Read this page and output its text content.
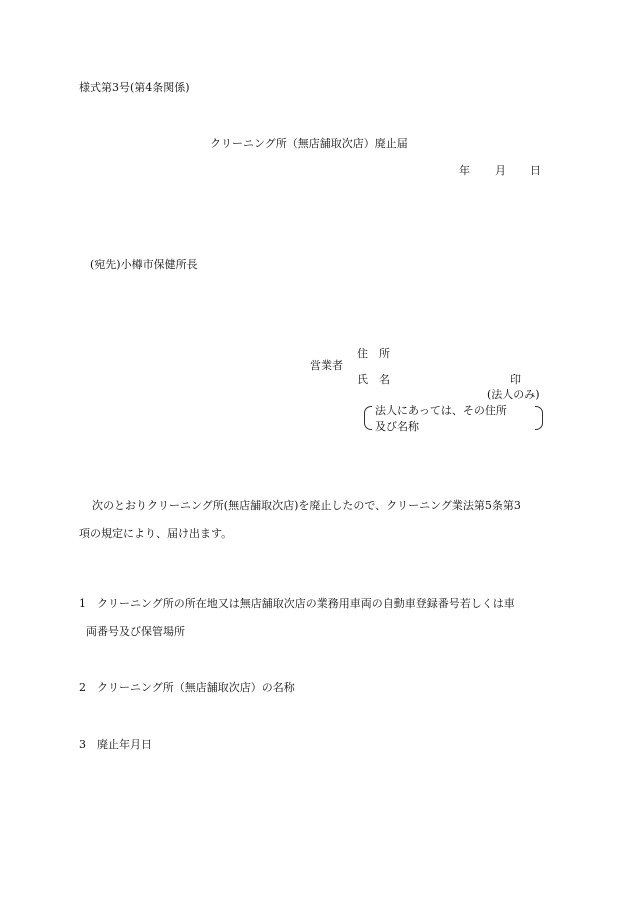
様式第3号(第4条関係)
クリーニング所（無店舗取次店）廃止届
年 月 日
(宛先)小樽市保健所長
営業者
住　所
氏　名	印
(法人のみ)
法人にあっては、その住所
及び名称
次のとおりクリーニング所(無店舗取次店)を廃止したので、クリーニング業法第5条第3
項の規定により、届け出ます。
1 クリーニング所の所在地又は無店舗取次店の業務用車両の自動車登録番号若しくは車
両番号及び保管場所
2 クリーニング所（無店舗取次店）の名称
3 廃止年月日
